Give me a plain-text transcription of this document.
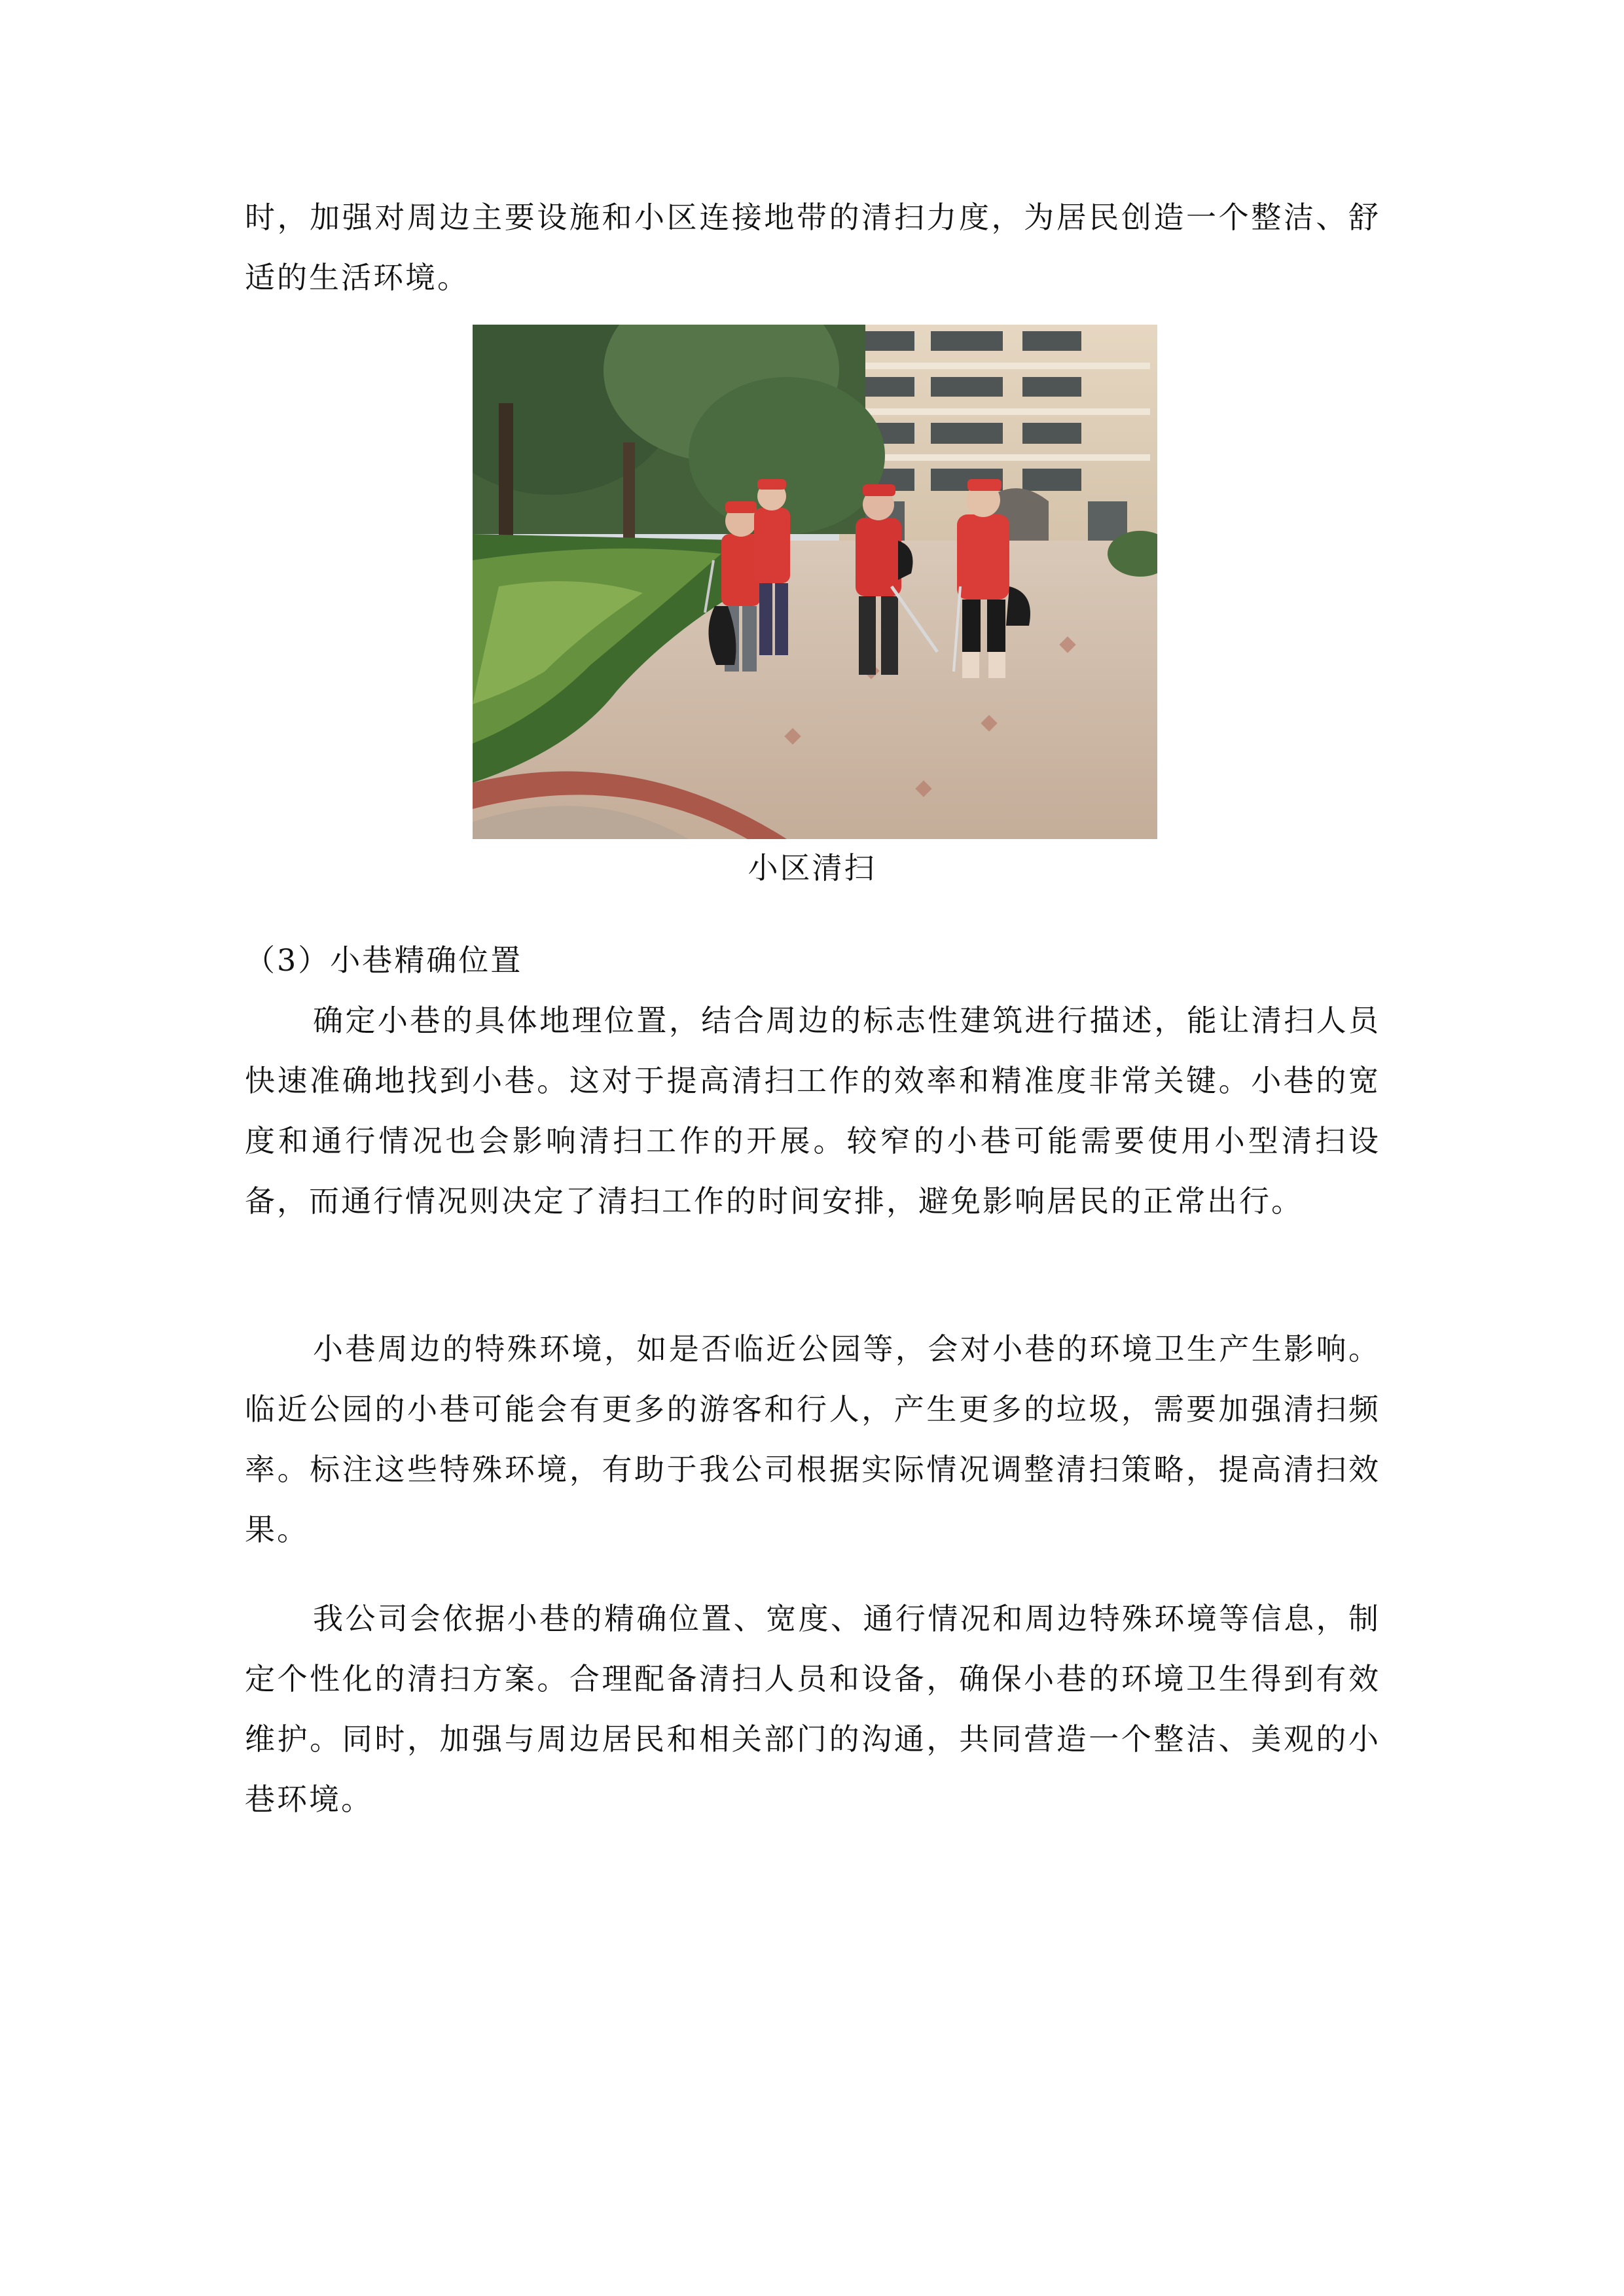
时，加强对周边主要设施和小区连接地带的清扫力度，为居民创造一个整洁、舒适的生活环境。

小区清扫
（3）小巷精确位置

确定小巷的具体地理位置，结合周边的标志性建筑进行描述，能让清扫人员快速准确地找到小巷。这对于提高清扫工作的效率和精准度非常关键。小巷的宽度和通行情况也会影响清扫工作的开展。较窄的小巷可能需要使用小型清扫设备，而通行情况则决定了清扫工作的时间安排，避免影响居民的正常出行。

小巷周边的特殊环境，如是否临近公园等，会对小巷的环境卫生产生影响。临近公园的小巷可能会有更多的游客和行人，产生更多的垃圾，需要加强清扫频率。标注这些特殊环境，有助于我公司根据实际情况调整清扫策略，提高清扫效果。

我公司会依据小巷的精确位置、宽度、通行情况和周边特殊环境等信息，制定个性化的清扫方案。合理配备清扫人员和设备，确保小巷的环境卫生得到有效维护。同时，加强与周边居民和相关部门的沟通，共同营造一个整洁、美观的小巷环境。
